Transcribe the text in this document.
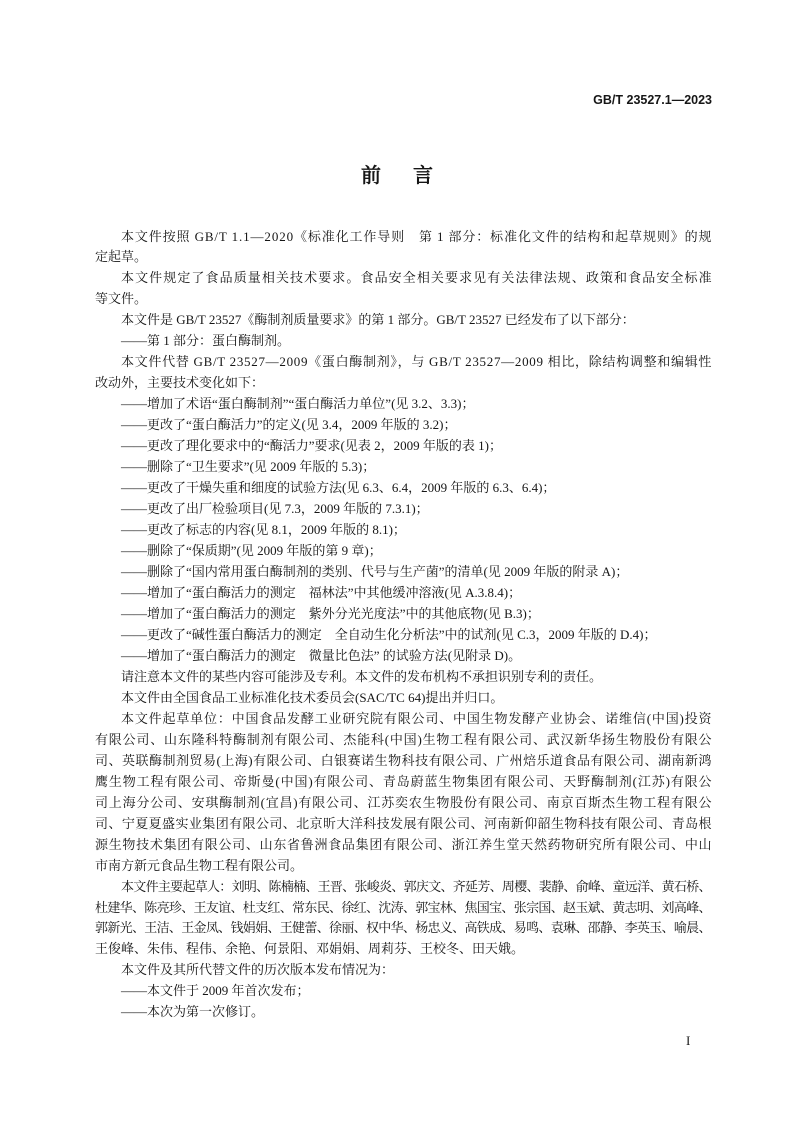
GB/T 23527.1—2023
前　言
本文件按照 GB/T 1.1—2020《标准化工作导则　第 1 部分：标准化文件的结构和起草规则》的规
定起草。
本文件规定了食品质量相关技术要求。食品安全相关要求见有关法律法规、政策和食品安全标准
等文件。
本文件是 GB/T 23527《酶制剂质量要求》的第 1 部分。GB/T 23527 已经发布了以下部分：
——第 1 部分：蛋白酶制剂。
本文件代替 GB/T 23527—2009《蛋白酶制剂》，与 GB/T 23527—2009 相比，除结构调整和编辑性
改动外，主要技术变化如下：
——增加了术语“蛋白酶制剂”“蛋白酶活力单位”(见 3.2、3.3)；
——更改了“蛋白酶活力”的定义(见 3.4，2009 年版的 3.2)；
——更改了理化要求中的“酶活力”要求(见表 2，2009 年版的表 1)；
——删除了“卫生要求”(见 2009 年版的 5.3)；
——更改了干燥失重和细度的试验方法(见 6.3、6.4，2009 年版的 6.3、6.4)；
——更改了出厂检验项目(见 7.3，2009 年版的 7.3.1)；
——更改了标志的内容(见 8.1，2009 年版的 8.1)；
——删除了“保质期”(见 2009 年版的第 9 章)；
——删除了“国内常用蛋白酶制剂的类别、代号与生产菌”的清单(见 2009 年版的附录 A)；
——增加了“蛋白酶活力的测定　福林法”中其他缓冲溶液(见 A.3.8.4)；
——增加了“蛋白酶活力的测定　紫外分光光度法”中的其他底物(见 B.3)；
——更改了“碱性蛋白酶活力的测定　全自动生化分析法”中的试剂(见 C.3，2009 年版的 D.4)；
——增加了“蛋白酶活力的测定　微量比色法” 的试验方法(见附录 D)。
请注意本文件的某些内容可能涉及专利。本文件的发布机构不承担识别专利的责任。
本文件由全国食品工业标准化技术委员会(SAC/TC 64)提出并归口。
本文件起草单位：中国食品发酵工业研究院有限公司、中国生物发酵产业协会、诺维信(中国)投资
有限公司、山东隆科特酶制剂有限公司、杰能科(中国)生物工程有限公司、武汉新华扬生物股份有限公
司、英联酶制剂贸易(上海)有限公司、白银赛诺生物科技有限公司、广州焙乐道食品有限公司、湖南新鸿
鹰生物工程有限公司、帝斯曼(中国)有限公司、青岛蔚蓝生物集团有限公司、天野酶制剂(江苏)有限公
司上海分公司、安琪酶制剂(宜昌)有限公司、江苏奕农生物股份有限公司、南京百斯杰生物工程有限公
司、宁夏夏盛实业集团有限公司、北京昕大洋科技发展有限公司、河南新仰韶生物科技有限公司、青岛根
源生物技术集团有限公司、山东省鲁洲食品集团有限公司、浙江养生堂天然药物研究所有限公司、中山
市南方新元食品生物工程有限公司。
本文件主要起草人：刘明、陈楠楠、王晋、张峻炎、郭庆文、齐延芳、周樱、裴静、俞峰、童远洋、黄石桥、
杜建华、陈亮珍、王友谊、杜支红、常东民、徐红、沈涛、郭宝林、焦国宝、张宗国、赵玉斌、黄志明、刘高峰、
郭新光、王洁、王金凤、钱娟娟、王健蕾、徐丽、权中华、杨忠义、高铁成、易鸣、袁琳、邵静、李英玉、喻晨、
王俊峰、朱伟、程伟、余艳、何景阳、邓娟娟、周莉芬、王校冬、田天娥。
本文件及其所代替文件的历次版本发布情况为：
——本文件于 2009 年首次发布；
——本次为第一次修订。
I
